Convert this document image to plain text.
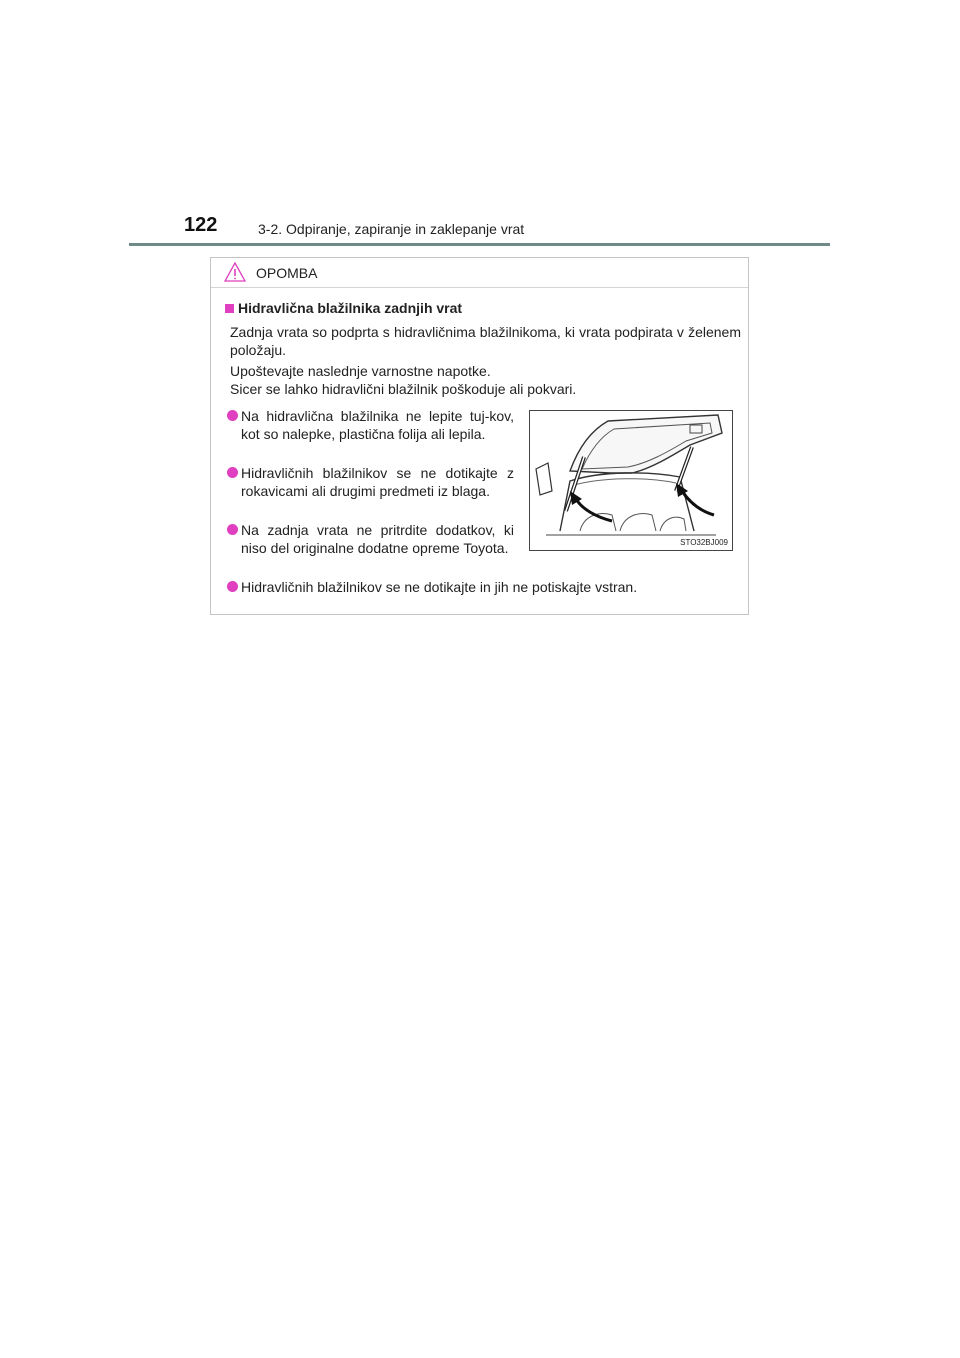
122	3-2. Odpiranje, zapiranje in zaklepanje vrat
OPOMBA
Hidravlična blažilnika zadnjih vrat
Zadnja vrata so podprta s hidravličnima blažilnikoma, ki vrata podpirata v želenem položaju.
Upoštevajte naslednje varnostne napotke.
Sicer se lahko hidravlični blažilnik poškoduje ali pokvari.
Na hidravlična blažilnika ne lepite tuj-kov, kot so nalepke, plastična folija ali lepila.
Hidravličnih blažilnikov se ne dotikajte z rokavicami ali drugimi predmeti iz blaga.
Na zadnja vrata ne pritrdite dodatkov, ki niso del originalne dodatne opreme Toyota.
Hidravličnih blažilnikov se ne dotikajte in jih ne potiskajte vstran.
STO32BJ009
